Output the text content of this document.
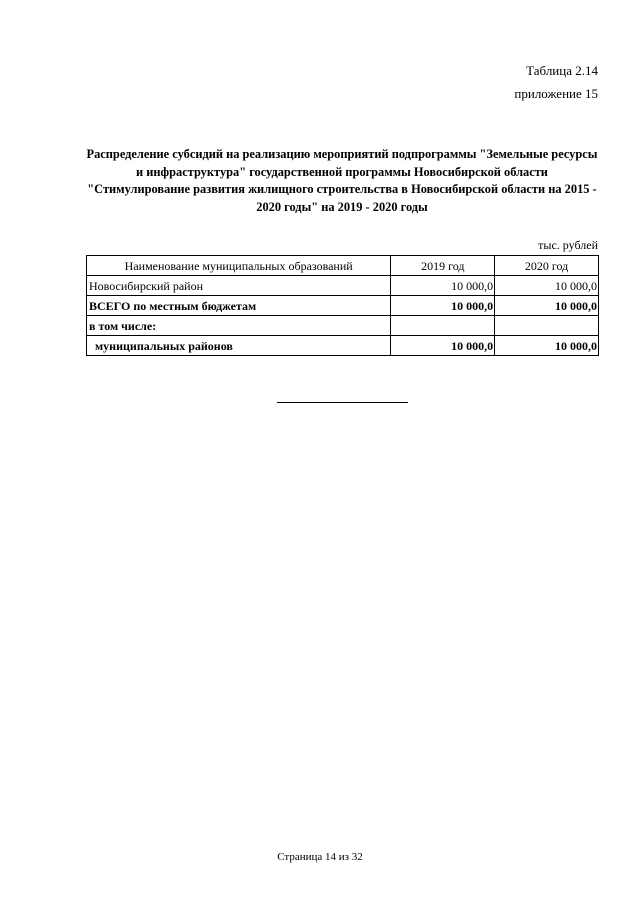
Таблица 2.14
приложение 15
Распределение субсидий на реализацию мероприятий подпрограммы "Земельные ресурсы и инфраструктура" государственной программы Новосибирской области "Стимулирование развития жилищного строительства в Новосибирской области на 2015 - 2020 годы" на 2019 - 2020 годы
тыс. рублей
Наименование муниципальных образований	2019 год	2020 год
Новосибирский район	10 000,0	10 000,0
ВСЕГО по местным бюджетам	10 000,0	10 000,0
в том числе:		
муниципальных районов	10 000,0	10 000,0
Страница 14 из 32
